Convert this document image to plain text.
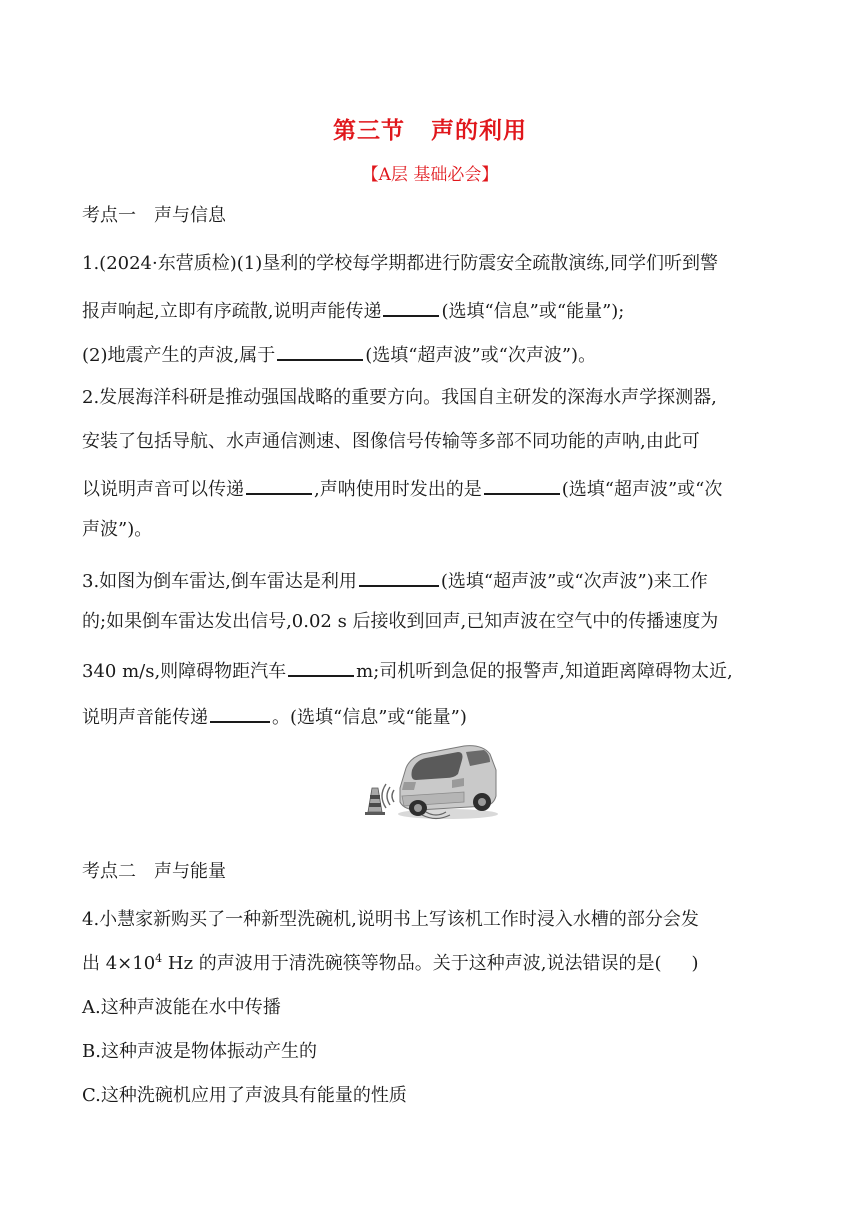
第三节 声的利用
【A层 基础必会】
考点一　声与信息
1.(2024·东营质检)(1)垦利的学校每学期都进行防震安全疏散演练,同学们听到警
报声响起,立即有序疏散,说明声能传递	(选填“信息”或“能量”);
(2)地震产生的声波,属于	(选填“超声波”或“次声波”)。
2.发展海洋科研是推动强国战略的重要方向。我国自主研发的深海水声学探测器,
安装了包括导航、水声通信测速、图像信号传输等多部不同功能的声呐,由此可
以说明声音可以传递	,声呐使用时发出的是	(选填“超声波”或“次
声波”)。
3.如图为倒车雷达,倒车雷达是利用	(选填“超声波”或“次声波”)来工作
的;如果倒车雷达发出信号,0.02 s 后接收到回声,已知声波在空气中的传播速度为
340 m/s,则障碍物距汽车	m;司机听到急促的报警声,知道距离障碍物太近,
说明声音能传递	。(选填“信息”或“能量”)
考点二　声与能量
4.小慧家新购买了一种新型洗碗机,说明书上写该机工作时浸入水槽的部分会发
出 $4\times 10^4$ Hz 的声波用于清洗碗筷等物品。关于这种声波,说法错误的是( )
A.这种声波能在水中传播
B.这种声波是物体振动产生的
C.这种洗碗机应用了声波具有能量的性质
